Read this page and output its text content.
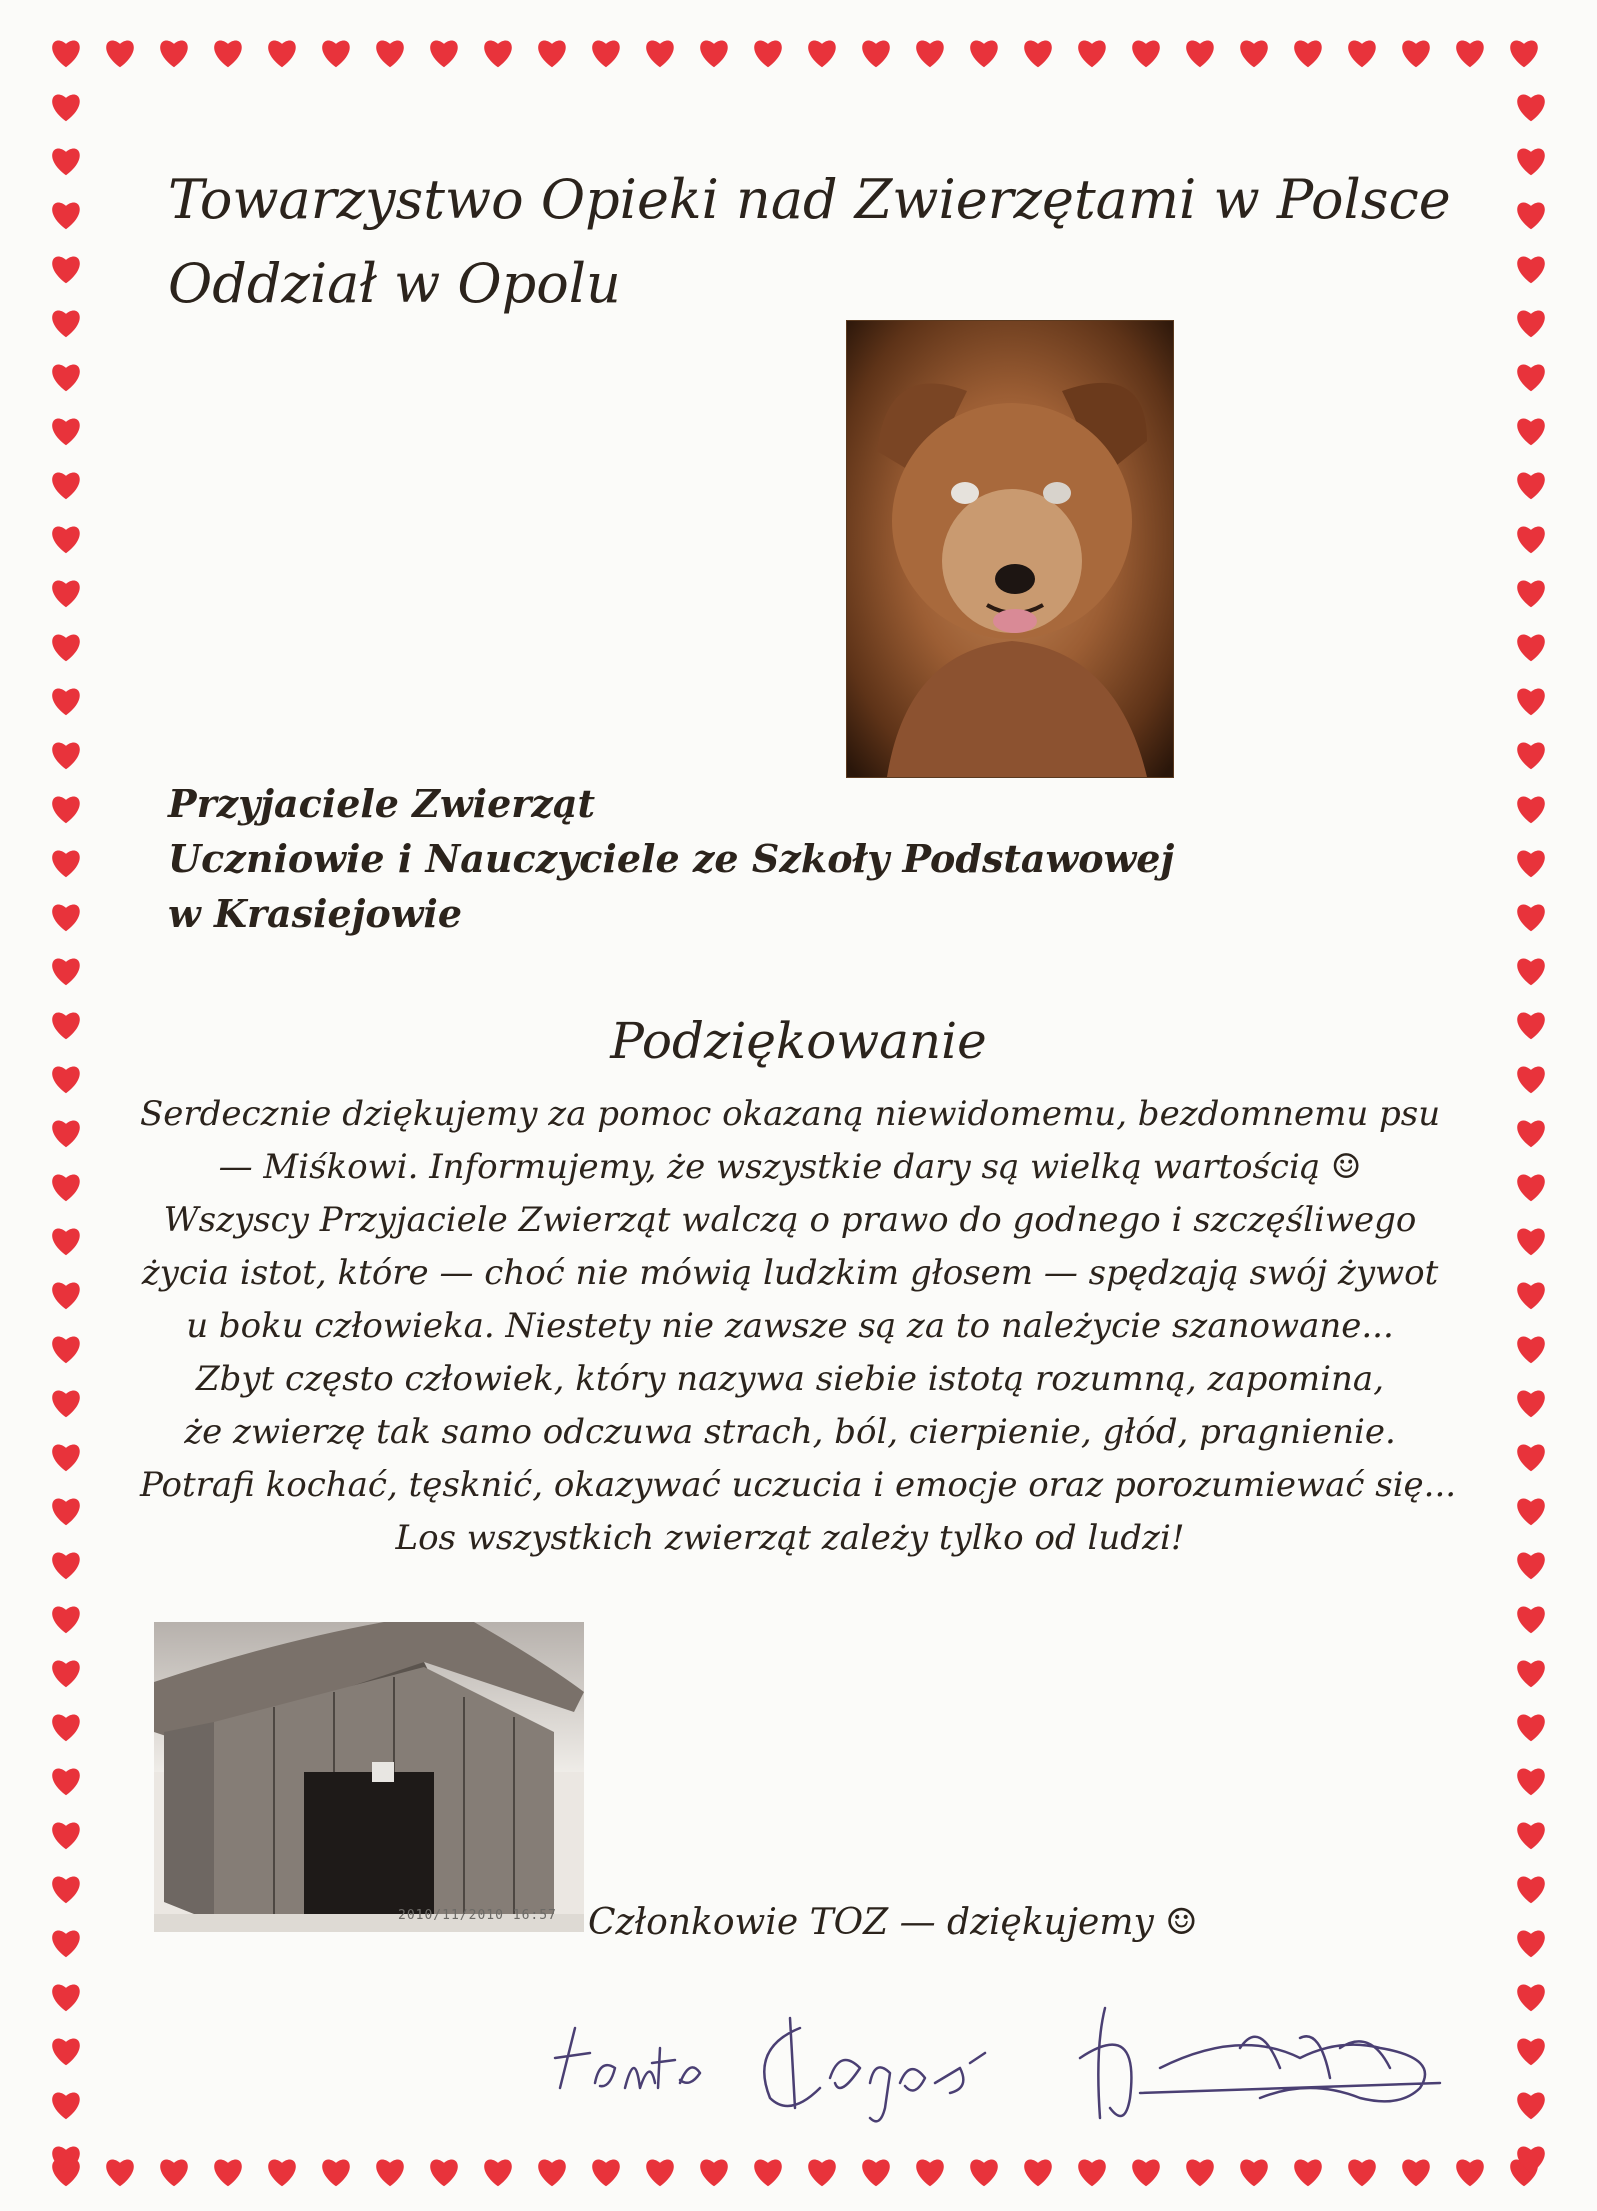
Towarzystwo Opieki nad Zwierzętami w Polsce
Oddział w Opolu
Przyjaciele Zwierząt
Uczniowie i Nauczyciele ze Szkoły Podstawowej
w Krasiejowie
Podziękowanie
Serdecznie dziękujemy za pomoc okazaną niewidomemu, bezdomnemu psu
— Miśkowi. Informujemy, że wszystkie dary są wielką wartością ☺
Wszyscy Przyjaciele Zwierząt walczą o prawo do godnego i szczęśliwego
życia istot, które — choć nie mówią ludzkim głosem — spędzają swój żywot
u boku człowieka. Niestety nie zawsze są za to należycie szanowane...
Zbyt często człowiek, który nazywa siebie istotą rozumną, zapomina,
że zwierzę tak samo odczuwa strach, ból, cierpienie, głód, pragnienie.
Potrafi kochać, tęsknić, okazywać uczucia i emocje oraz porozumiewać się...
Los wszystkich zwierząt zależy tylko od ludzi!
2010/11/2010 16:57 Członkowie TOZ — dziękujemy ☺
